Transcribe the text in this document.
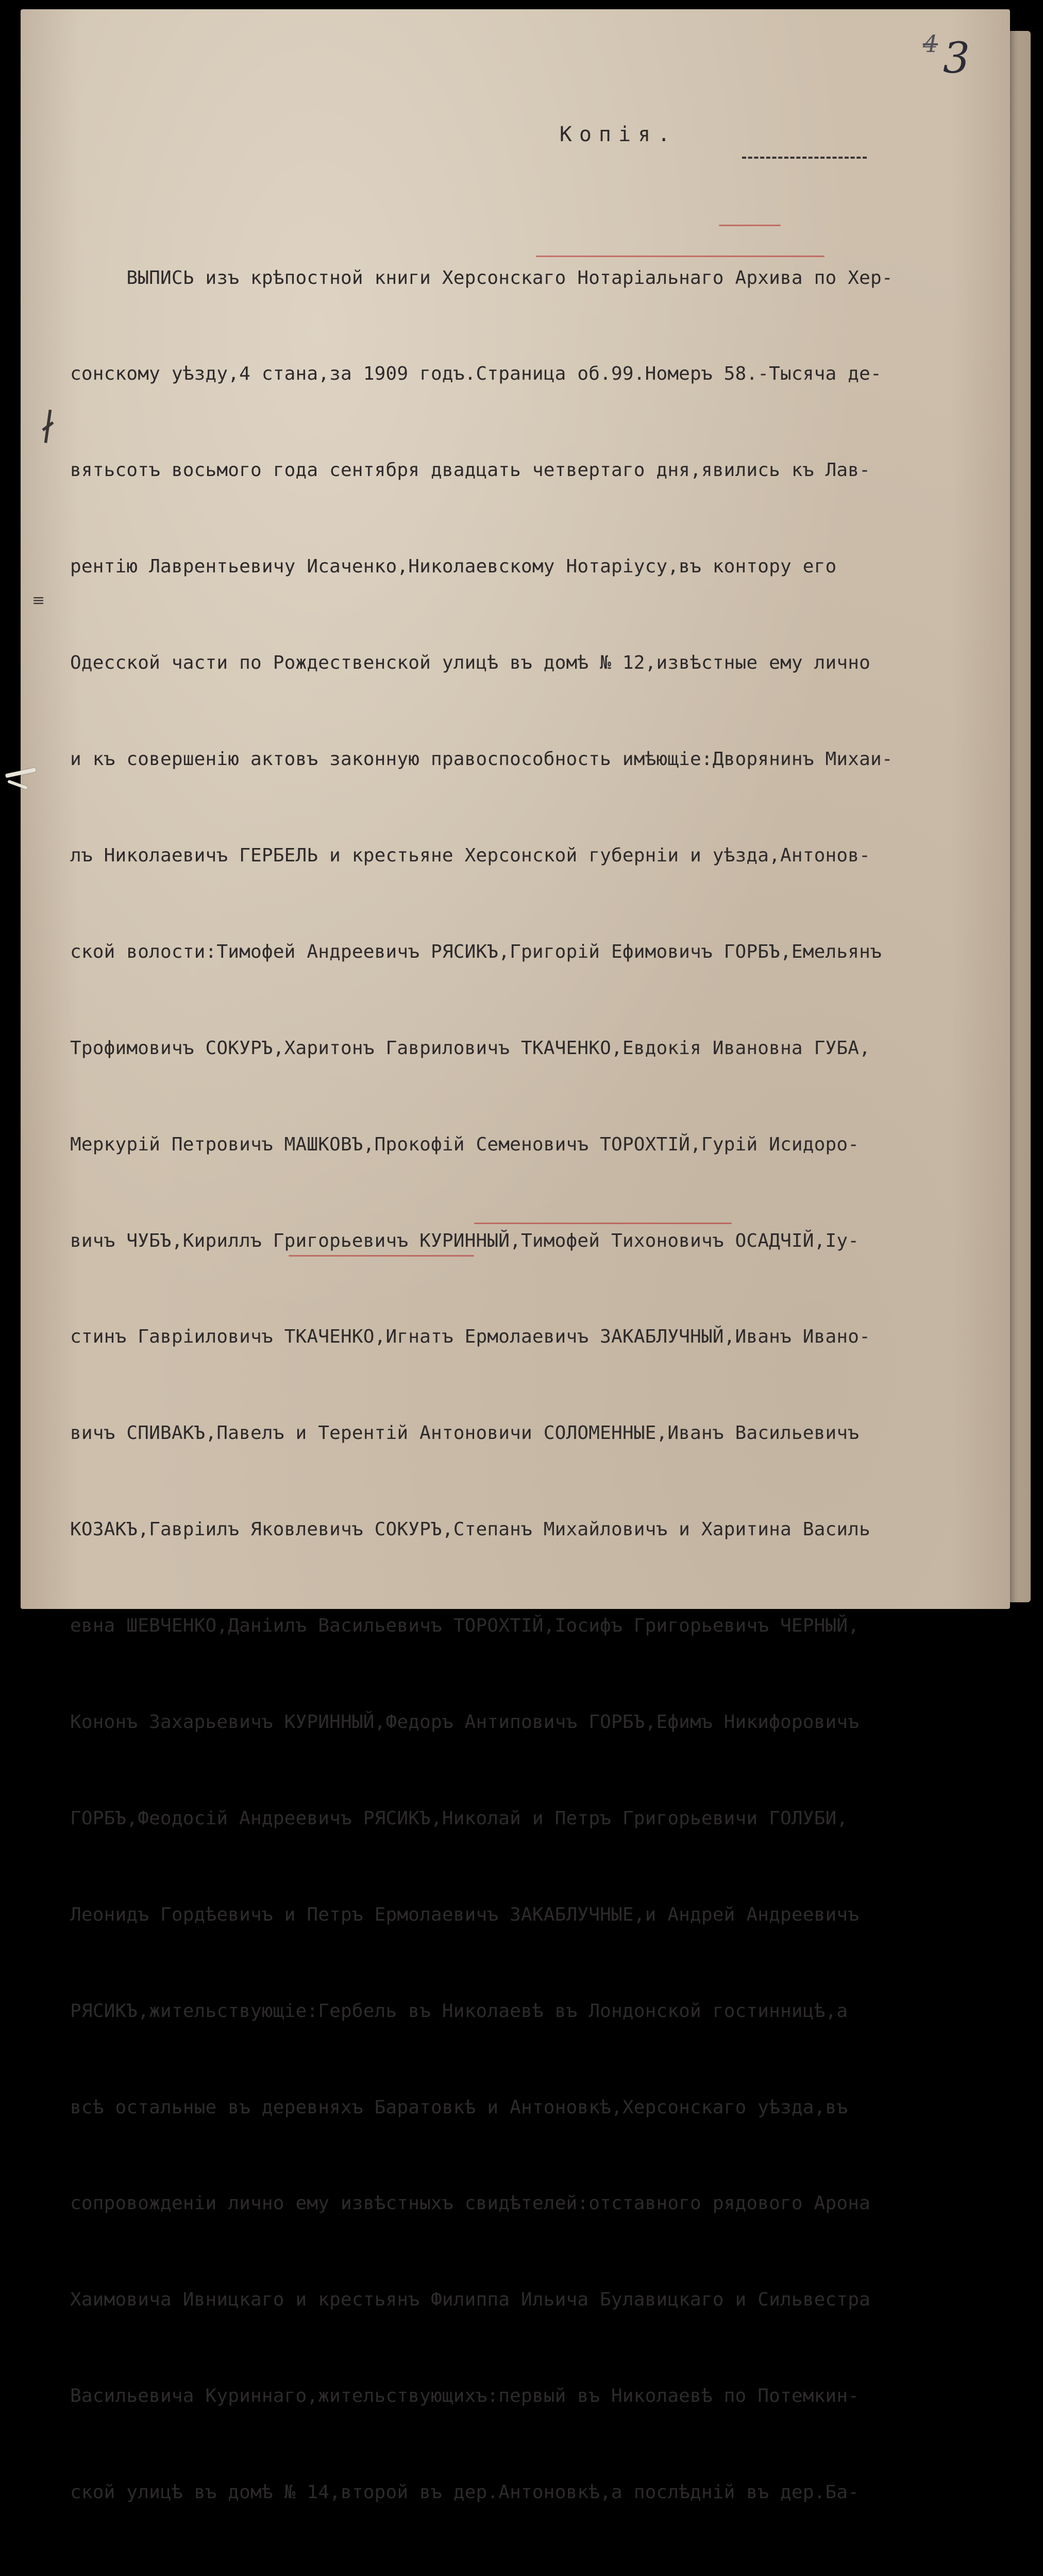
4 3
Копія.
∤
≡

ВЫПИСЬ изъ крѣпостной книги Херсонскаго Нотаріальнаго Архива по Хер-

сонскому уѣзду,4 стана,за 1909 годъ.Страница об.99.Номеръ 58.-Тысяча де-

вятьсотъ восьмого года сентября двадцать четвертаго дня,явились къ Лав-

рентію Лаврентьевичу Исаченко,Николаевскому Нотаріусу,въ контору его

Одесской части по Рождественской улицѣ въ домѣ № 12,извѣстные ему лично

и къ совершенію актовъ законную правоспособность имѣющіе:Дворянинъ Михаи-

лъ Николаевичъ ГЕРБЕЛЬ и крестьяне Херсонской губерніи и уѣзда,Антонов-

ской волости:Тимофей Андреевичъ РЯСИКЪ,Григорій Ефимовичъ ГОРБЪ,Емельянъ

Трофимовичъ СОКУРЪ,Харитонъ Гавриловичъ ТКАЧЕНКО,Евдокія Ивановна ГУБА,

Меркурій Петровичъ МАШКОВЪ,Прокофій Семеновичъ ТОРОХТІЙ,Гурій Исидоро-

вичъ ЧУБЪ,Кириллъ Григорьевичъ КУРИННЫЙ,Тимофей Тихоновичъ ОСАДЧІЙ,Іу-

стинъ Гавріиловичъ ТКАЧЕНКО,Игнатъ Ермолаевичъ ЗАКАБЛУЧНЫЙ,Иванъ Ивано-

вичъ СПИВАКЪ,Павелъ и Терентій Антоновичи СОЛОМЕННЫЕ,Иванъ Васильевичъ

КОЗАКЪ,Гавріилъ Яковлевичъ СОКУРЪ,Степанъ Михайловичъ и Харитина Василь

евна ШЕВЧЕНКО,Даніилъ Васильевичъ ТОРОХТІЙ,Іосифъ Григорьевичъ ЧЕРНЫЙ,

Кононъ Захарьевичъ КУРИННЫЙ,Федоръ Антиповичъ ГОРБЪ,Ефимъ Никифоровичъ

ГОРБЪ,Феодосій Андреевичъ РЯСИКЪ,Николай и Петръ Григорьевичи ГОЛУБИ,

Леонидъ Гордѣевичъ и Петръ Ермолаевичъ ЗАКАБЛУЧНЫЕ,и Андрей Андреевичъ

РЯСИКЪ,жительствующіе:Гербель въ Николаевѣ въ Лондонской гостинницѣ,а

всѣ остальные въ деревняхъ Баратовкѣ и Антоновкѣ,Херсонскаго уѣзда,въ

сопровожденіи лично ему извѣстныхъ свидѣтелей:отставного рядового Арона

Хаимовича Ивницкаго и крестьянъ Филиппа Ильича Булавицкаго и Сильвестра

Васильевича Куриннаго,жительствующихъ:первый въ Николаевѣ по Потемкин-

ской улицѣ въ домѣ № 14,второй въ дер.Антоновкѣ,а послѣдній въ дер.Ба-
